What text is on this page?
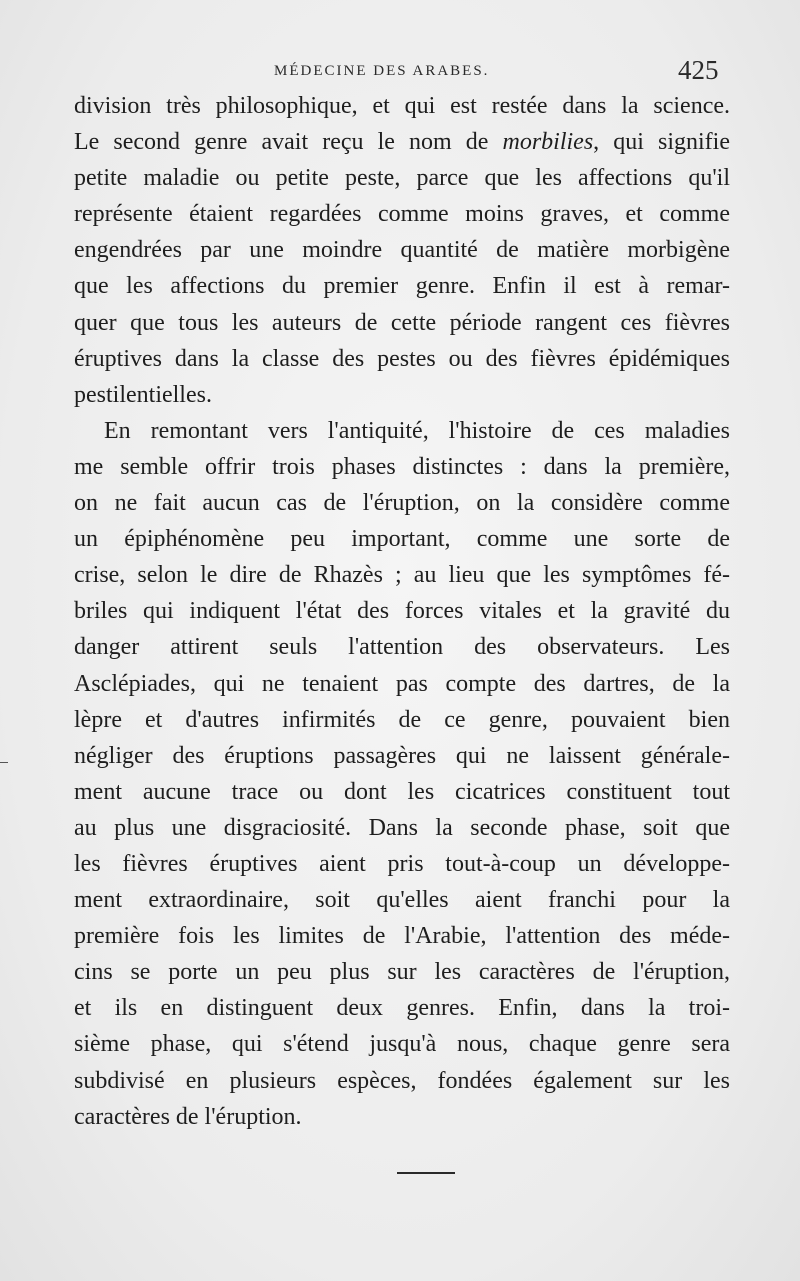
MÉDECINE DES ARABES.	425
division très philosophique, et qui est restée dans la science.
Le second genre avait reçu le nom de morbilies, qui signifie
petite maladie ou petite peste, parce que les affections qu'il
représente étaient regardées comme moins graves, et comme
engendrées par une moindre quantité de matière morbigène
que les affections du premier genre. Enfin il est à remar-
quer que tous les auteurs de cette période rangent ces fièvres
éruptives dans la classe des pestes ou des fièvres épidémiques
pestilentielles.
En remontant vers l'antiquité, l'histoire de ces maladies
me semble offrir trois phases distinctes : dans la première,
on ne fait aucun cas de l'éruption, on la considère comme
un épiphénomène peu important, comme une sorte de
crise, selon le dire de Rhazès ; au lieu que les symptômes fé-
briles qui indiquent l'état des forces vitales et la gravité du
danger attirent seuls l'attention des observateurs. Les
Asclépiades, qui ne tenaient pas compte des dartres, de la
lèpre et d'autres infirmités de ce genre, pouvaient bien
négliger des éruptions passagères qui ne laissent générale-
ment aucune trace ou dont les cicatrices constituent tout
au plus une disgraciosité. Dans la seconde phase, soit que
les fièvres éruptives aient pris tout-à-coup un développe-
ment extraordinaire, soit qu'elles aient franchi pour la
première fois les limites de l'Arabie, l'attention des méde-
cins se porte un peu plus sur les caractères de l'éruption,
et ils en distinguent deux genres. Enfin, dans la troi-
sième phase, qui s'étend jusqu'à nous, chaque genre sera
subdivisé en plusieurs espèces, fondées également sur les
caractères de l'éruption.
